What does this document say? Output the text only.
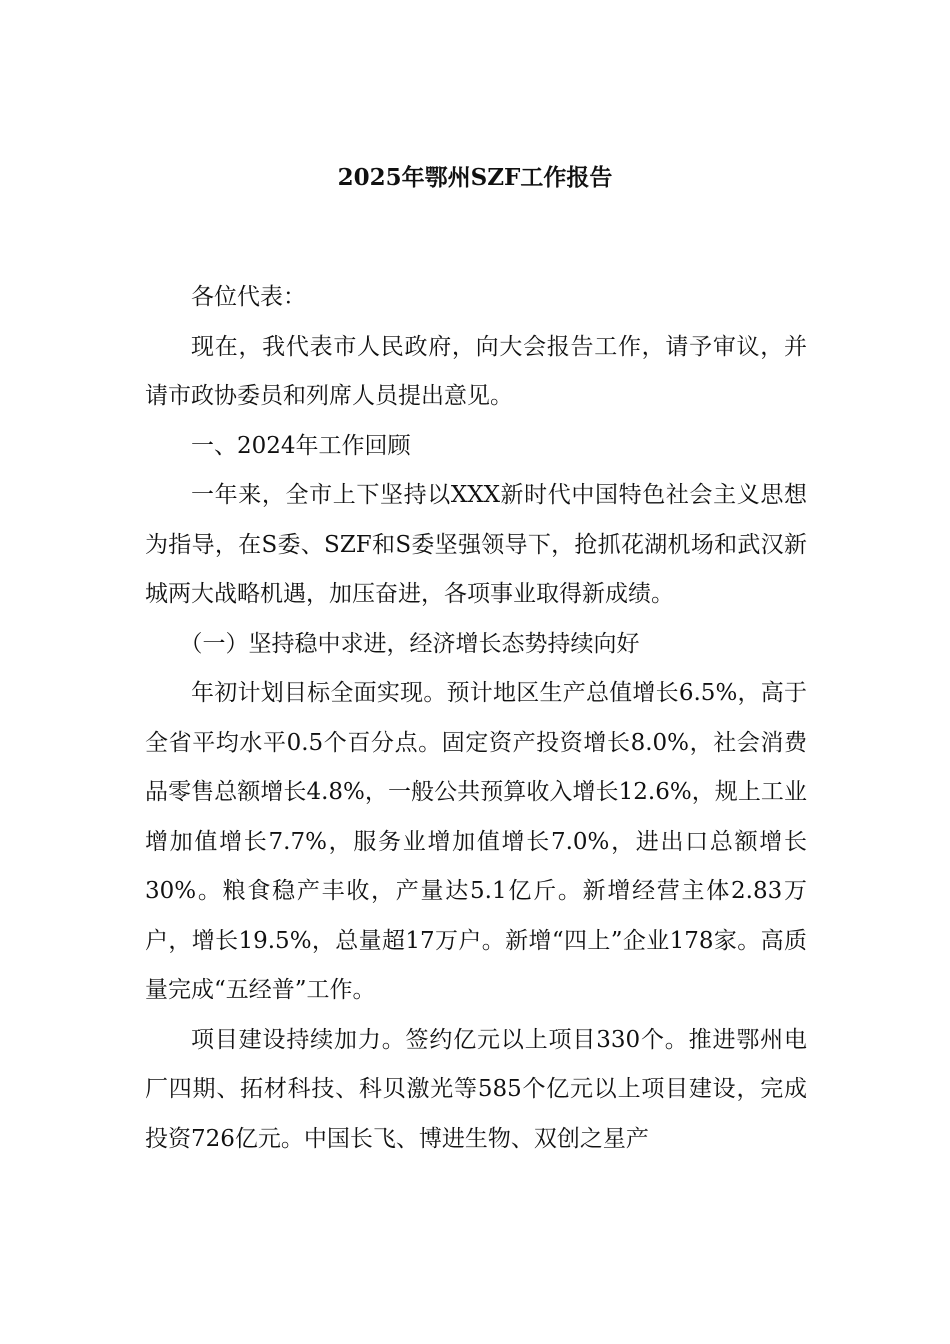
2025年鄂州SZF工作报告

各位代表：

现在，我代表市人民政府，向大会报告工作，请予审议，并请市政协委员和列席人员提出意见。

一、2024年工作回顾

一年来，全市上下坚持以XXX新时代中国特色社会主义思想为指导，在S委、SZF和S委坚强领导下，抢抓花湖机场和武汉新城两大战略机遇，加压奋进，各项事业取得新成绩。

（一）坚持稳中求进，经济增长态势持续向好

年初计划目标全面实现。预计地区生产总值增长6.5%，高于全省平均水平0.5个百分点。固定资产投资增长8.0%，社会消费品零售总额增长4.8%，一般公共预算收入增长12.6%，规上工业增加值增长7.7%，服务业增加值增长7.0%，进出口总额增长30%。粮食稳产丰收，产量达5.1亿斤。新增经营主体2.83万户，增长19.5%，总量超17万户。新增“四上”企业178家。高质量完成“五经普”工作。

项目建设持续加力。签约亿元以上项目330个。推进鄂州电厂四期、拓材科技、科贝激光等585个亿元以上项目建设，完成投资726亿元。中国长飞、博进生物、双创之星产
